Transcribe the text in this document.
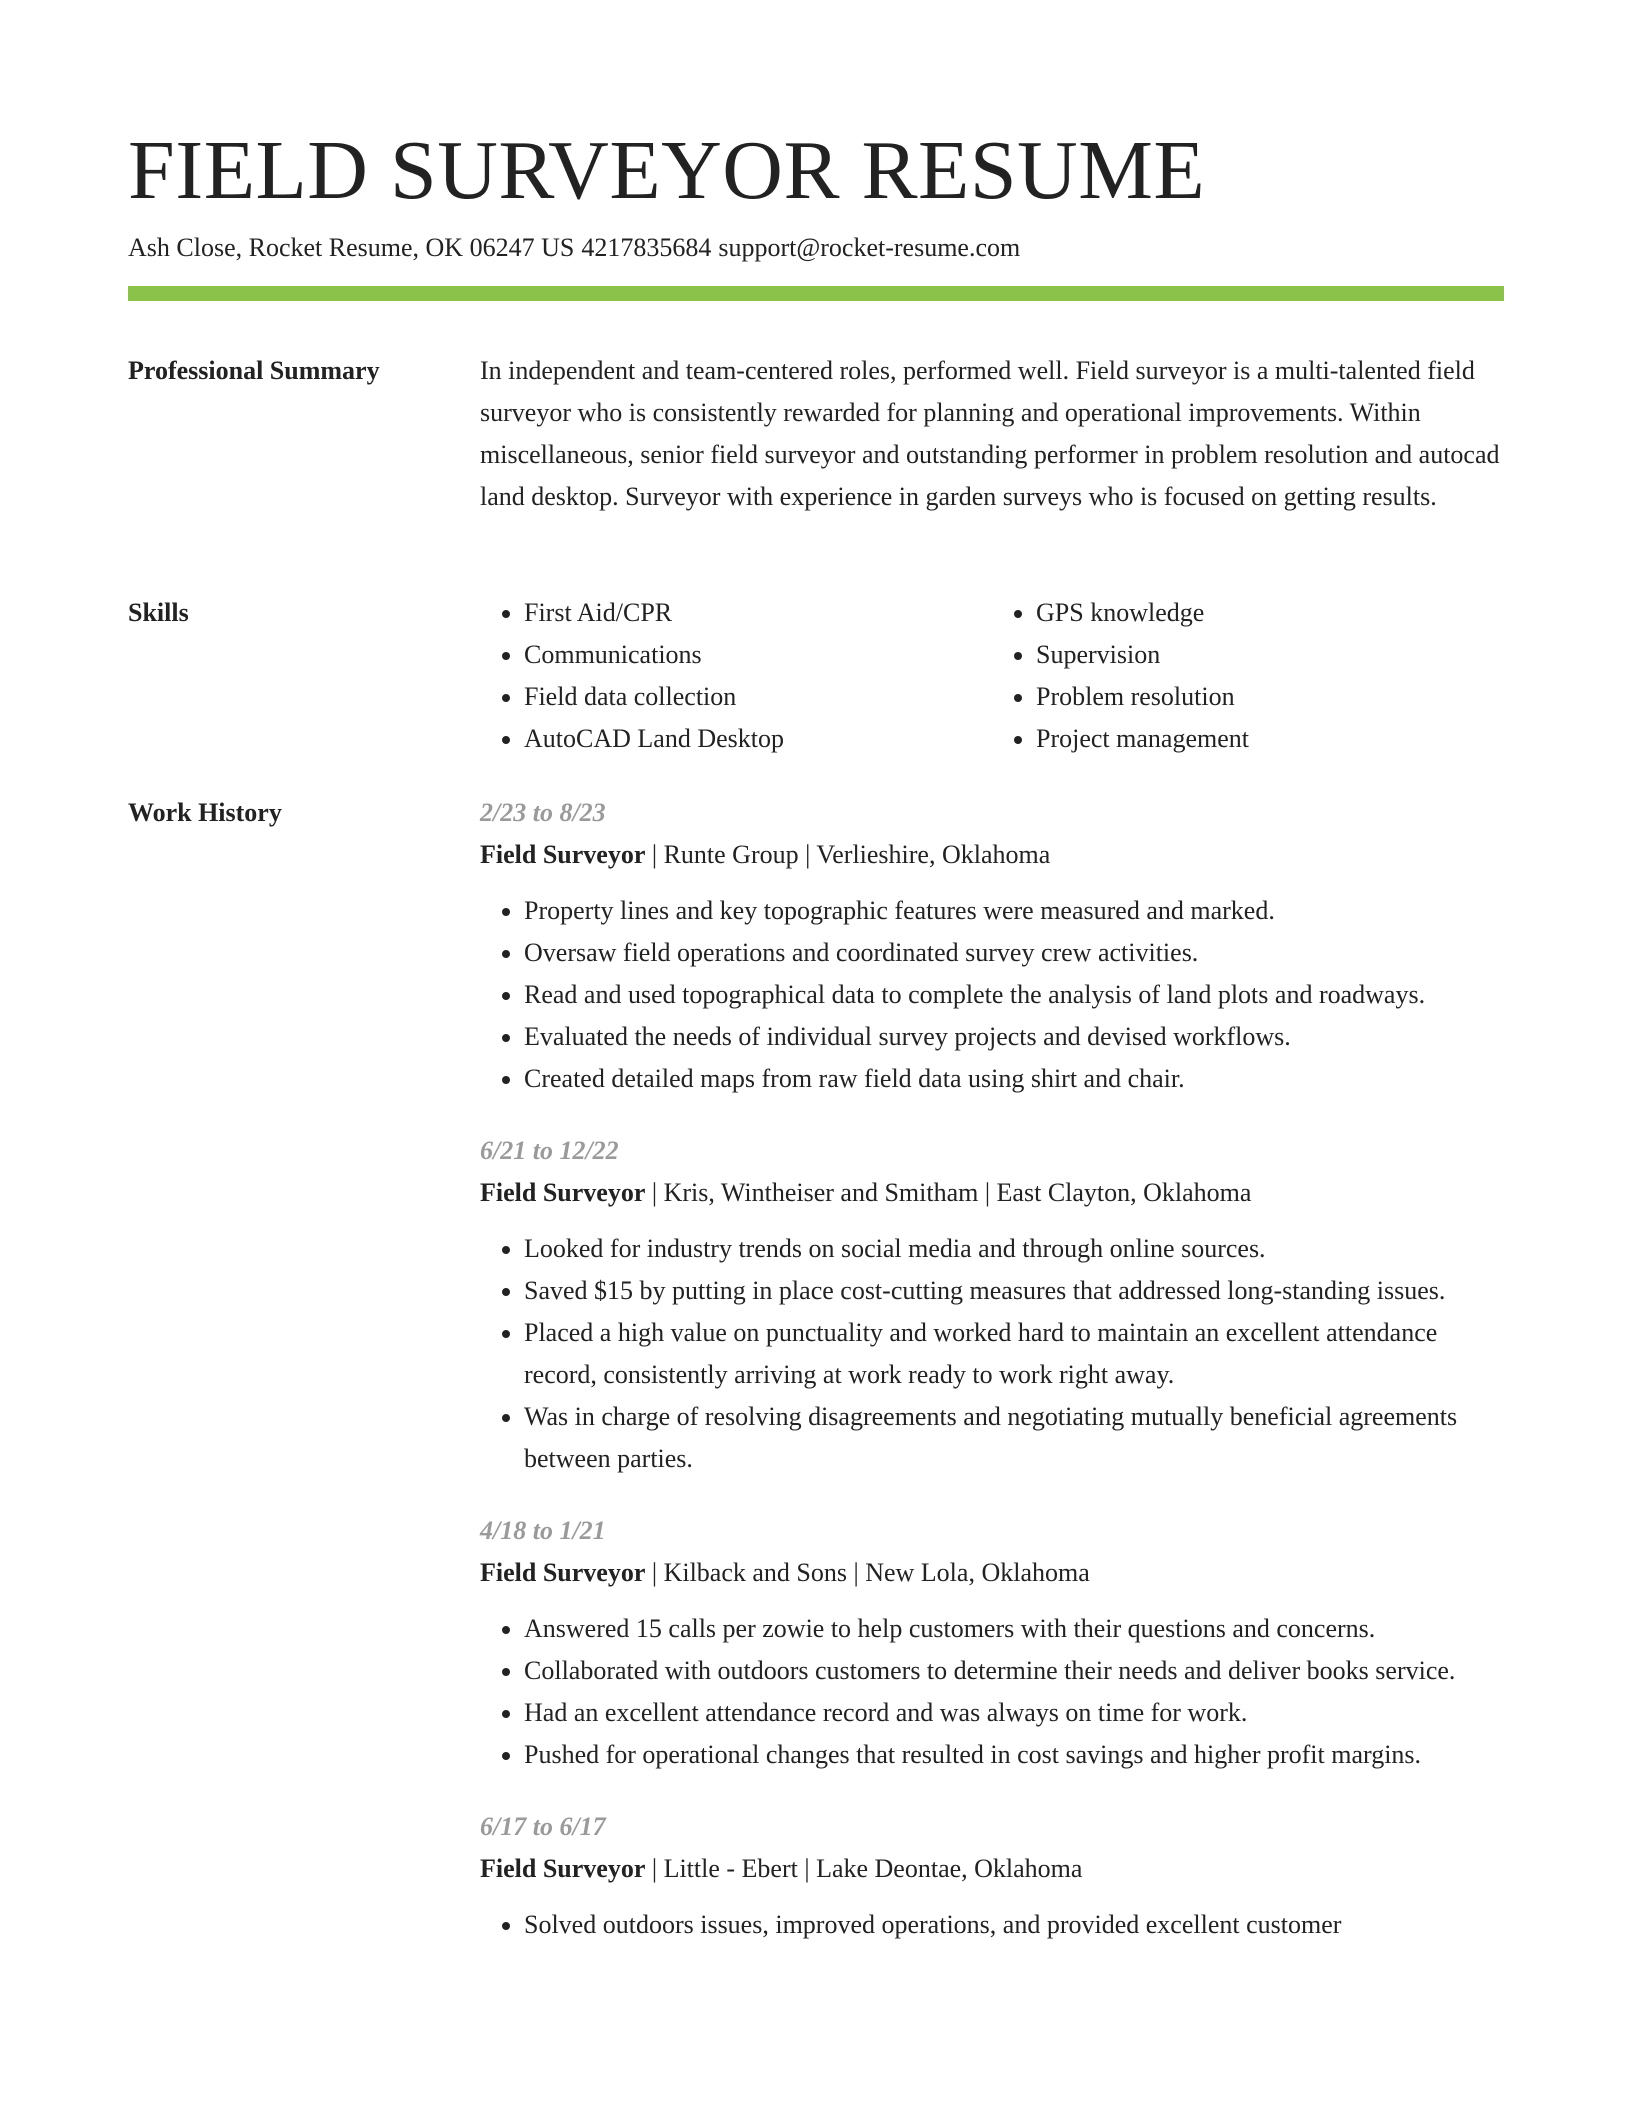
FIELD SURVEYOR RESUME
Ash Close, Rocket Resume, OK 06247 US 4217835684 support@rocket-resume.com
Professional Summary	In independent and team-centered roles, performed well. Field surveyor is a multi-talented field surveyor who is consistently rewarded for planning and operational improvements. Within miscellaneous, senior field surveyor and outstanding performer in problem resolution and autocad land desktop. Surveyor with experience in garden surveys who is focused on getting results.
Skills
•	First Aid/CPR
• Communications
• Field data collection
• AutoCAD Land Desktop
• GPS knowledge
• Supervision
• Problem resolution
• Project management
Work History	2/23 to 8/23
Field Surveyor | Runte Group | Verlieshire, Oklahoma
• Property lines and key topographic features were measured and marked.
• Oversaw field operations and coordinated survey crew activities.
• Read and used topographical data to complete the analysis of land plots and roadways.
• Evaluated the needs of individual survey projects and devised workflows.
• Created detailed maps from raw field data using shirt and chair.
6/21 to 12/22
Field Surveyor | Kris, Wintheiser and Smitham | East Clayton, Oklahoma
• Looked for industry trends on social media and through online sources.
• Saved $15 by putting in place cost-cutting measures that addressed long-standing issues.
• Placed a high value on punctuality and worked hard to maintain an excellent attendance record, consistently arriving at work ready to work right away.
• Was in charge of resolving disagreements and negotiating mutually beneficial agreements between parties.
4/18 to 1/21
Field Surveyor | Kilback and Sons | New Lola, Oklahoma
• Answered 15 calls per zowie to help customers with their questions and concerns.
• Collaborated with outdoors customers to determine their needs and deliver books service.
• Had an excellent attendance record and was always on time for work.
• Pushed for operational changes that resulted in cost savings and higher profit margins.
6/17 to 6/17
Field Surveyor | Little - Ebert | Lake Deontae, Oklahoma
• Solved outdoors issues, improved operations, and provided excellent customer
